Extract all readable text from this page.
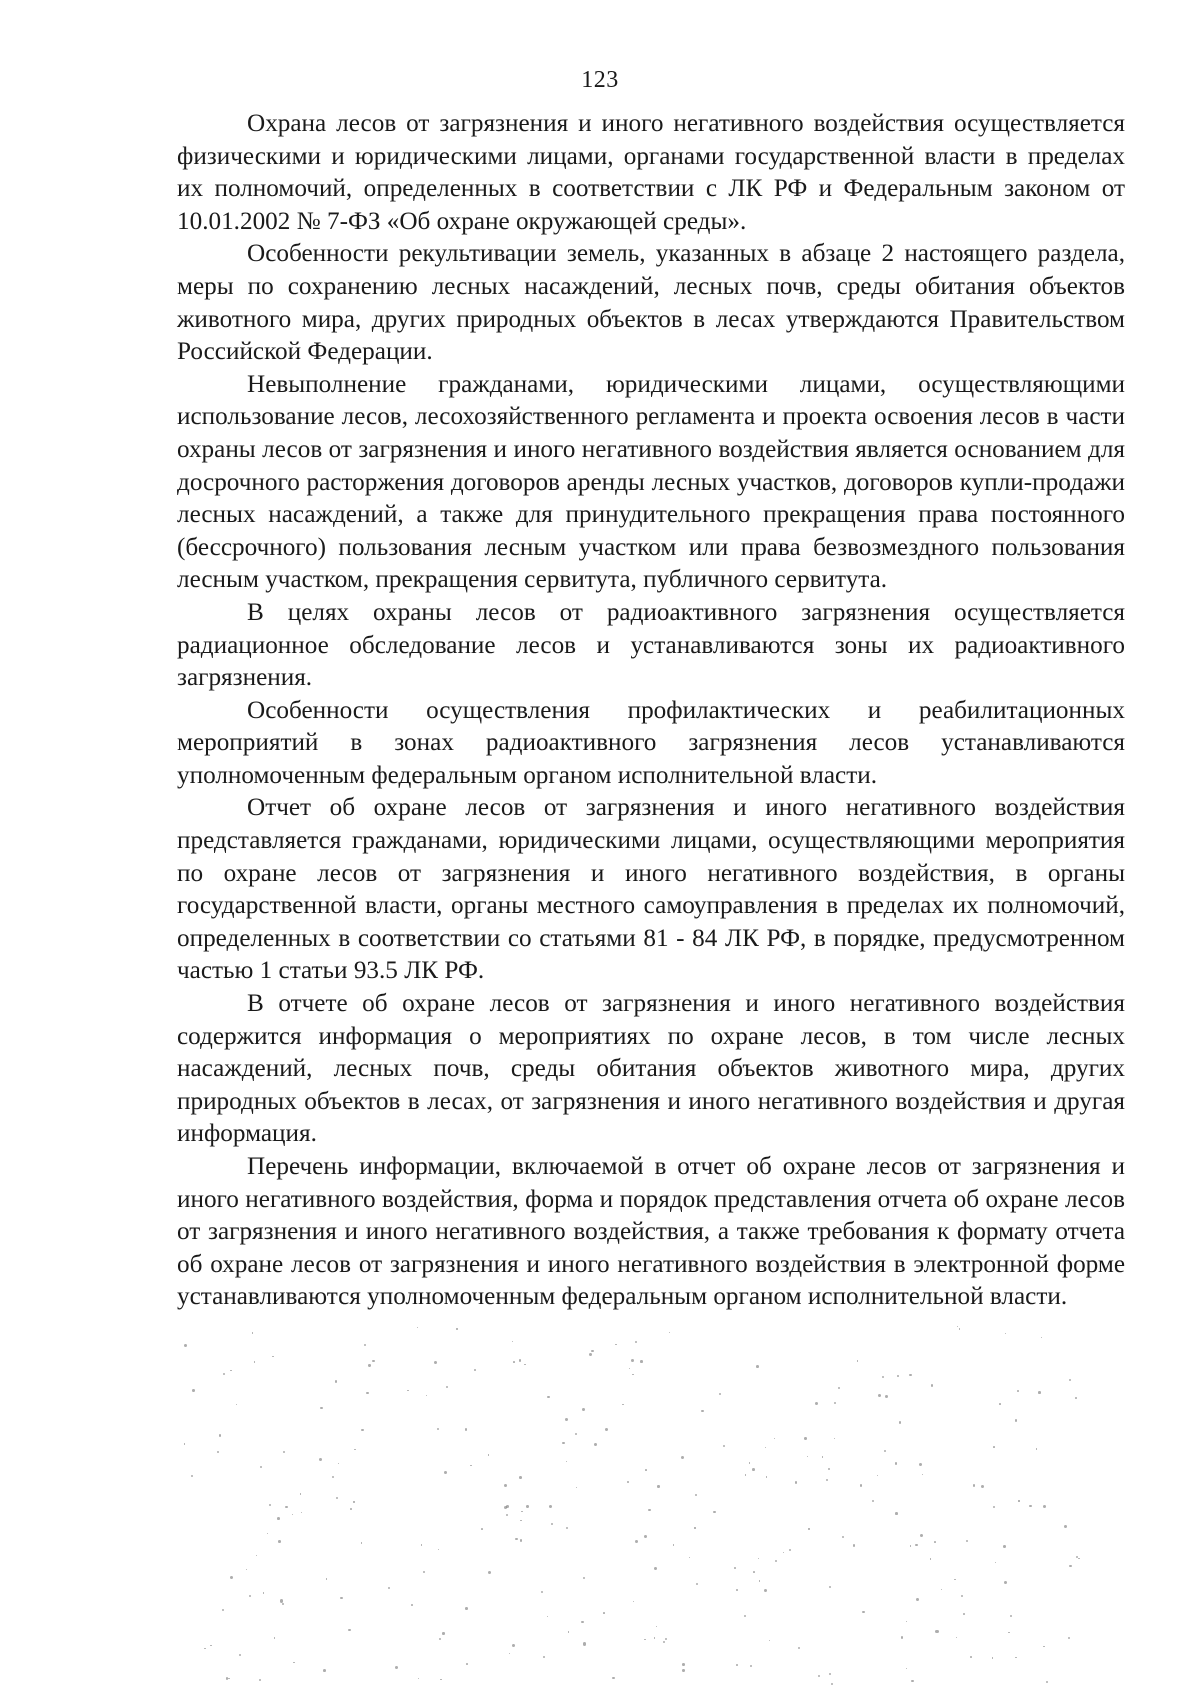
123

Охрана лесов от загрязнения и иного негативного воздействия осуществляется физическими и юридическими лицами, органами государственной власти в пределах их полномочий, определенных в соответствии с ЛК РФ и Федеральным законом от 10.01.2002 № 7-ФЗ «Об охране окружающей среды».

Особенности рекультивации земель, указанных в абзаце 2 настоящего раздела, меры по сохранению лесных насаждений, лесных почв, среды обитания объектов животного мира, других природных объектов в лесах утверждаются Правительством Российской Федерации.

Невыполнение гражданами, юридическими лицами, осуществляющими использование лесов, лесохозяйственного регламента и проекта освоения лесов в части охраны лесов от загрязнения и иного негативного воздействия является основанием для досрочного расторжения договоров аренды лесных участков, договоров купли-продажи лесных насаждений, а также для принудительного прекращения права постоянного (бессрочного) пользования лесным участком или права безвозмездного пользования лесным участком, прекращения сервитута, публичного сервитута.

В целях охраны лесов от радиоактивного загрязнения осуществляется радиационное обследование лесов и устанавливаются зоны их радиоактивного загрязнения.

Особенности осуществления профилактических и реабилитационных мероприятий в зонах радиоактивного загрязнения лесов устанавливаются уполномоченным федеральным органом исполнительной власти.

Отчет об охране лесов от загрязнения и иного негативного воздействия представляется гражданами, юридическими лицами, осуществляющими мероприятия по охране лесов от загрязнения и иного негативного воздействия, в органы государственной власти, органы местного самоуправления в пределах их полномочий, определенных в соответствии со статьями 81 - 84 ЛК РФ, в порядке, предусмотренном частью 1 статьи 93.5 ЛК РФ.

В отчете об охране лесов от загрязнения и иного негативного воздействия содержится информация о мероприятиях по охране лесов, в том числе лесных насаждений, лесных почв, среды обитания объектов животного мира, других природных объектов в лесах, от загрязнения и иного негативного воздействия и другая информация.

Перечень информации, включаемой в отчет об охране лесов от загрязнения и иного негативного воздействия, форма и порядок представления отчета об охране лесов от загрязнения и иного негативного воздействия, а также требования к формату отчета об охране лесов от загрязнения и иного негативного воздействия в электронной форме устанавливаются уполномоченным федеральным органом исполнительной власти.
